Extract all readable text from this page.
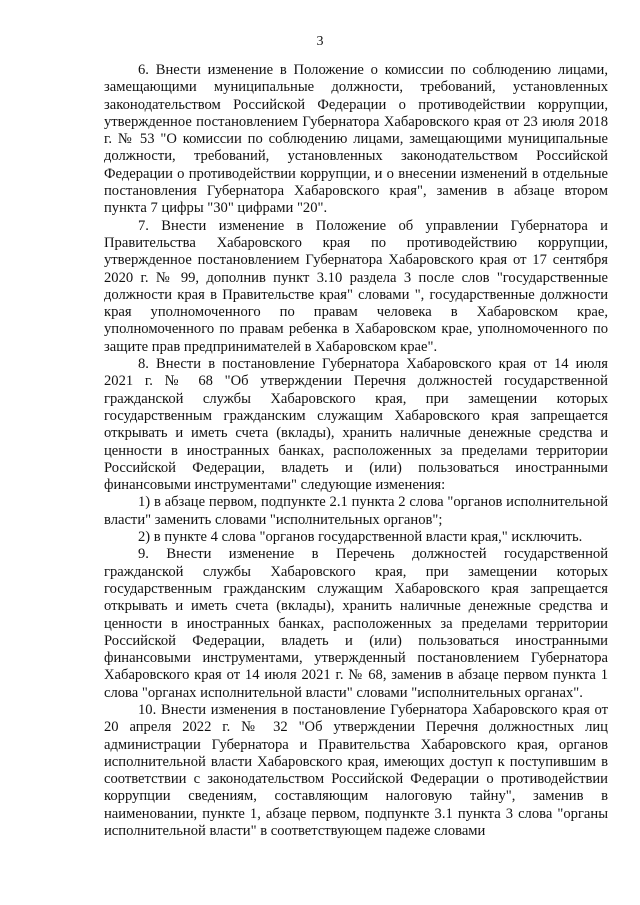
3

6. Внести изменение в Положение о комиссии по соблюдению лицами, замещающими муниципальные должности, требований, установленных законодательством Российской Федерации о противодействии коррупции, утвержденное постановлением Губернатора Хабаровского края от 23 июля 2018 г. № 53 "О комиссии по соблюдению лицами, замещающими муниципальные должности, требований, установленных законодательством Российской Федерации о противодействии коррупции, и о внесении изменений в отдельные постановления Губернатора Хабаровского края", заменив в абзаце втором пункта 7 цифры "30" цифрами "20".

7. Внести изменение в Положение об управлении Губернатора и Правительства Хабаровского края по противодействию коррупции, утвержденное постановлением Губернатора Хабаровского края от 17 сентября 2020 г. № 99, дополнив пункт 3.10 раздела 3 после слов "государственные должности края в Правительстве края" словами ", государственные должности края уполномоченного по правам человека в Хабаровском крае, уполномоченного по правам ребенка в Хабаровском крае, уполномоченного по защите прав предпринимателей в Хабаровском крае".

8. Внести в постановление Губернатора Хабаровского края от 14 июля 2021 г. № 68 "Об утверждении Перечня должностей государственной гражданской службы Хабаровского края, при замещении которых государственным гражданским служащим Хабаровского края запрещается открывать и иметь счета (вклады), хранить наличные денежные средства и ценности в иностранных банках, расположенных за пределами территории Российской Федерации, владеть и (или) пользоваться иностранными финансовыми инструментами" следующие изменения:

1) в абзаце первом, подпункте 2.1 пункта 2 слова "органов исполнительной власти" заменить словами "исполнительных органов";

2) в пункте 4 слова "органов государственной власти края," исключить.

9. Внести изменение в Перечень должностей государственной гражданской службы Хабаровского края, при замещении которых государственным гражданским служащим Хабаровского края запрещается открывать и иметь счета (вклады), хранить наличные денежные средства и ценности в иностранных банках, расположенных за пределами территории Российской Федерации, владеть и (или) пользоваться иностранными финансовыми инструментами, утвержденный постановлением Губернатора Хабаровского края от 14 июля 2021 г. № 68, заменив в абзаце первом пункта 1 слова "органах исполнительной власти" словами "исполнительных органах".

10. Внести изменения в постановление Губернатора Хабаровского края от 20 апреля 2022 г. № 32 "Об утверждении Перечня должностных лиц администрации Губернатора и Правительства Хабаровского края, органов исполнительной власти Хабаровского края, имеющих доступ к поступившим в соответствии с законодательством Российской Федерации о противодействии коррупции сведениям, составляющим налоговую тайну", заменив в наименовании, пункте 1, абзаце первом, подпункте 3.1 пункта 3 слова "органы исполнительной власти" в соответствующем падеже словами
